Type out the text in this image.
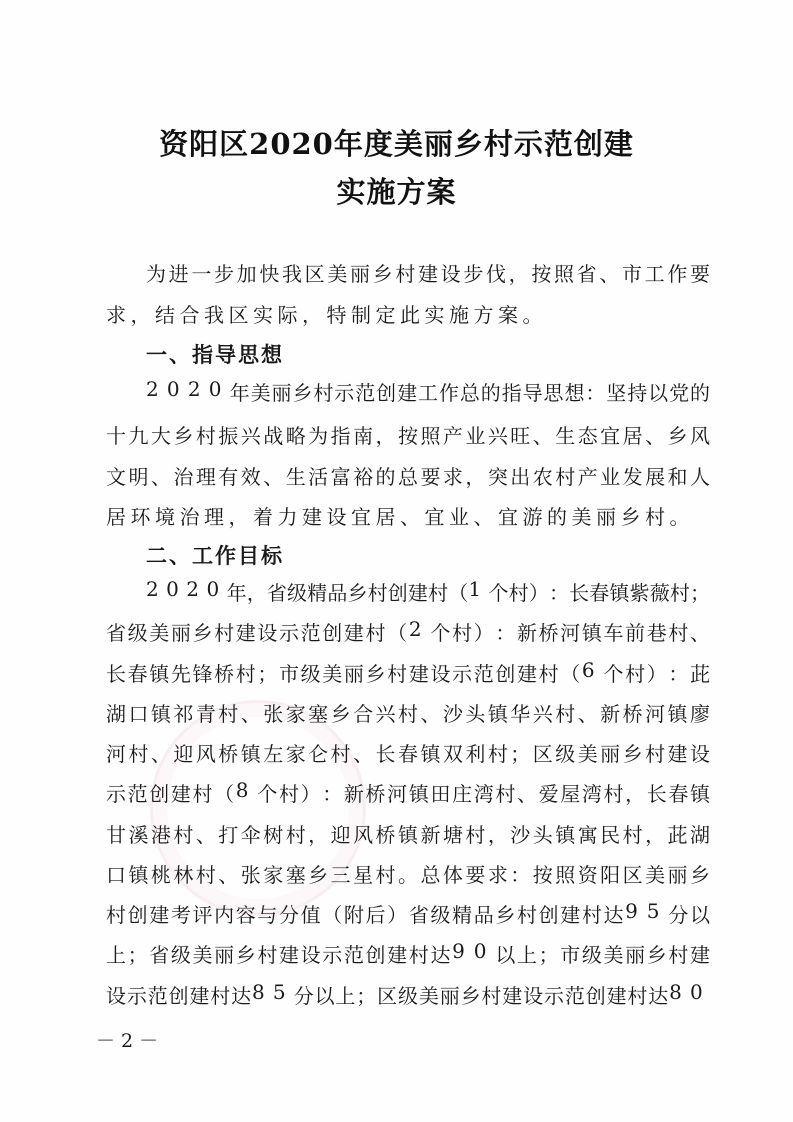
资阳区2020年度美丽乡村示范创建
实施方案
为 进 一 步 加 快 我 区 美 丽 乡 村 建 设 步 伐 ， 按 照 省 、 市 工 作 要
求 ， 结 合 我 区 实 际 ， 特 制 定 此 实 施 方 案 。
一 、 指 导 思 想
2 0 2 0 年 美 丽 乡 村 示 范 创 建 工 作 总 的 指 导 思 想 ： 坚 持 以 党 的
十 九 大 乡 村 振 兴 战 略 为 指 南 ， 按 照 产 业 兴 旺 、 生 态 宜 居 、 乡 风
文 明 、 治 理 有 效 、 生 活 富 裕 的 总 要 求 ， 突 出 农 村 产 业 发 展 和 人
居 环 境 治 理 ， 着 力 建 设 宜 居 、 宜 业 、 宜 游 的 美 丽 乡 村 。
二 、 工 作 目 标
2 0 2 0 年 ， 省 级 精 品 乡 村 创 建 村 （ 1 个 村 ） ： 长 春 镇 紫 薇 村 ；
省 级 美 丽 乡 村 建 设 示 范 创 建 村 （ 2 个 村 ） ： 新 桥 河 镇 车 前 巷 村 、
长 春 镇 先 锋 桥 村 ； 市 级 美 丽 乡 村 建 设 示 范 创 建 村 （ 6 个 村 ） ： 茈
湖 口 镇 祁 青 村 、 张 家 塞 乡 合 兴 村 、 沙 头 镇 华 兴 村 、 新 桥 河 镇 廖
河 村 、 迎 风 桥 镇 左 家 仑 村 、 长 春 镇 双 利 村 ； 区 级 美 丽 乡 村 建 设
示 范 创 建 村 （ 8 个 村 ） ： 新 桥 河 镇 田 庄 湾 村 、 爱 屋 湾 村 ， 长 春 镇
甘 溪 港 村 、 打 伞 树 村 ， 迎 风 桥 镇 新 塘 村 ， 沙 头 镇 寓 民 村 ， 茈 湖
口 镇 桃 林 村 、 张 家 塞 乡 三 星 村 。 总 体 要 求 ： 按 照 资 阳 区 美 丽 乡
村 创 建 考 评 内 容 与 分 值 （ 附 后 ） 省 级 精 品 乡 村 创 建 村 达 9 5 分 以
上 ； 省 级 美 丽 乡 村 建 设 示 范 创 建 村 达 9 0 以 上 ； 市 级 美 丽 乡 村 建
设 示 范 创 建 村 达 8 5 分 以 上 ； 区 级 美 丽 乡 村 建 设 示 范 创 建 村 达 8 0
－ 2 －
